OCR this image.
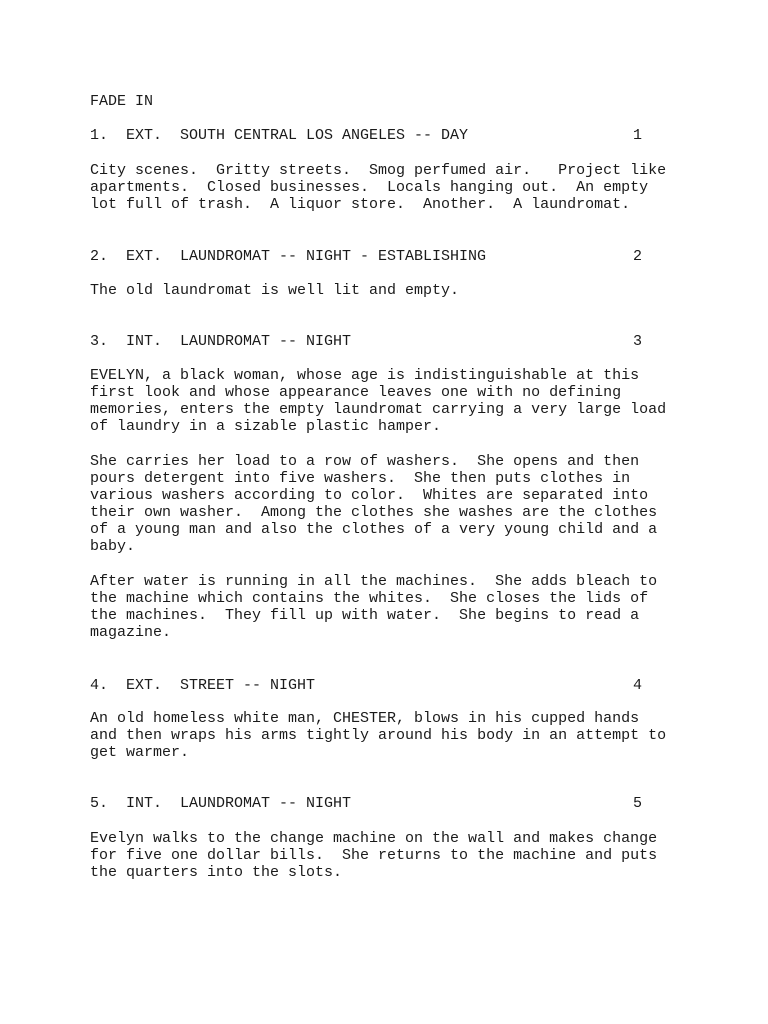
FADE IN
1. EXT.  SOUTH CENTRAL LOS ANGELES -- DAY	1
City scenes.  Gritty streets.  Smog perfumed air.   Project like
apartments.  Closed businesses.  Locals hanging out.  An empty
lot full of trash.  A liquor store.  Another.  A laundromat.
2. EXT.  LAUNDROMAT -- NIGHT - ESTABLISHING	2
The old laundromat is well lit and empty.
3. INT.  LAUNDROMAT -- NIGHT	3
EVELYN, a black woman, whose age is indistinguishable at this
first look and whose appearance leaves one with no defining
memories, enters the empty laundromat carrying a very large load
of laundry in a sizable plastic hamper.
She carries her load to a row of washers.  She opens and then
pours detergent into five washers.  She then puts clothes in
various washers according to color.  Whites are separated into
their own washer.  Among the clothes she washes are the clothes
of a young man and also the clothes of a very young child and a
baby.
After water is running in all the machines.  She adds bleach to
the machine which contains the whites.  She closes the lids of
the machines.  They fill up with water.  She begins to read a
magazine.
4. EXT.  STREET -- NIGHT	4
An old homeless white man, CHESTER, blows in his cupped hands
and then wraps his arms tightly around his body in an attempt to
get warmer.
5. INT.  LAUNDROMAT -- NIGHT	5
Evelyn walks to the change machine on the wall and makes change
for five one dollar bills.  She returns to the machine and puts
the quarters into the slots.
